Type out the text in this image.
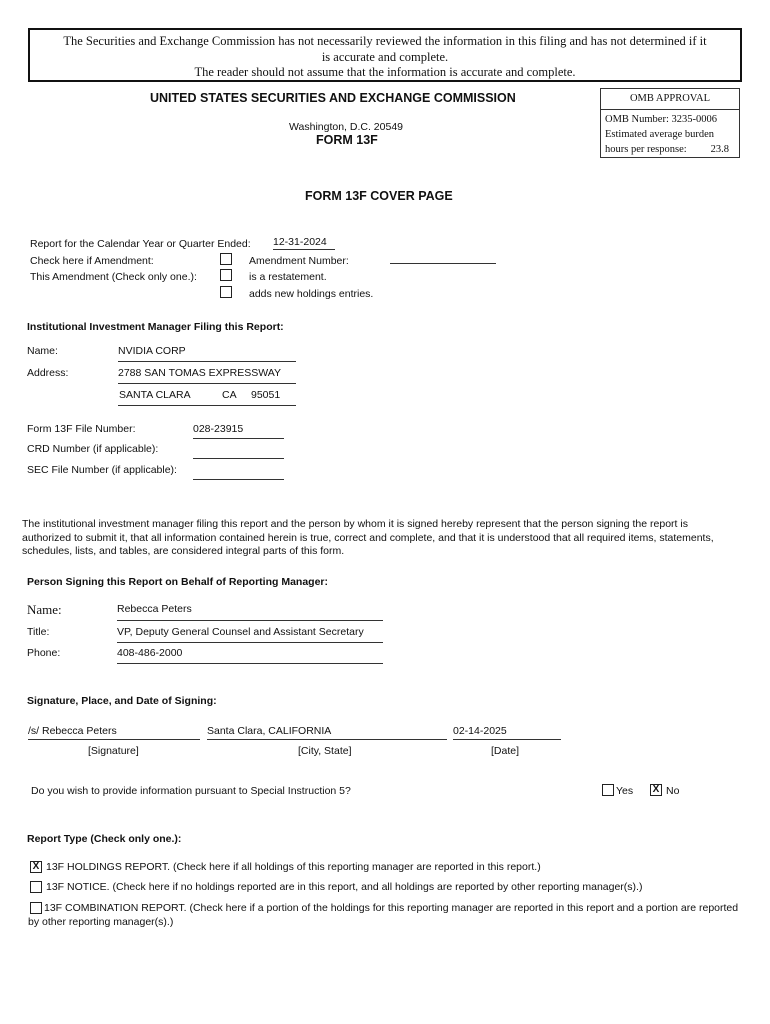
The Securities and Exchange Commission has not necessarily reviewed the information in this filing and has not determined if it
is accurate and complete.
The reader should not assume that the information is accurate and complete.
UNITED STATES SECURITIES AND EXCHANGE COMMISSION
Washington, D.C. 20549
FORM 13F
OMB APPROVAL
OMB Number: 3235-0006
Estimated average burden
hours per response: 23.8
FORM 13F COVER PAGE
Report for the Calendar Year or Quarter Ended: 12-31-2024
Check here if Amendment:	Amendment Number:
This Amendment (Check only one.):	is a restatement.
adds new holdings entries.
Institutional Investment Manager Filing this Report:
Name:	NVIDIA CORP
Address:	2788 SAN TOMAS EXPRESSWAY
SANTA CLARA	CA 95051
Form 13F File Number:	028-23915
CRD Number (if applicable):
SEC File Number (if applicable):
The institutional investment manager filing this report and the person by whom it is signed hereby represent that the person signing the report is authorized to submit it, that all information contained herein is true, correct and complete, and that it is understood that all required items, statements, schedules, lists, and tables, are considered integral parts of this form.
Person Signing this Report on Behalf of Reporting Manager:
Name:	Rebecca Peters
Title:	VP, Deputy General Counsel and Assistant Secretary
Phone:	408-486-2000
Signature, Place, and Date of Signing:
/s/ Rebecca Peters	Santa Clara, CALIFORNIA	02-14-2025
[Signature]	[City, State]	[Date]
Do you wish to provide information pursuant to Special Instruction 5?	Yes X No
Report Type (Check only one.):
X 13F HOLDINGS REPORT. (Check here if all holdings of this reporting manager are reported in this report.)
13F NOTICE. (Check here if no holdings reported are in this report, and all holdings are reported by other reporting manager(s).)
13F COMBINATION REPORT. (Check here if a portion of the holdings for this reporting manager are reported in this report and a portion are reported by other reporting manager(s).)
